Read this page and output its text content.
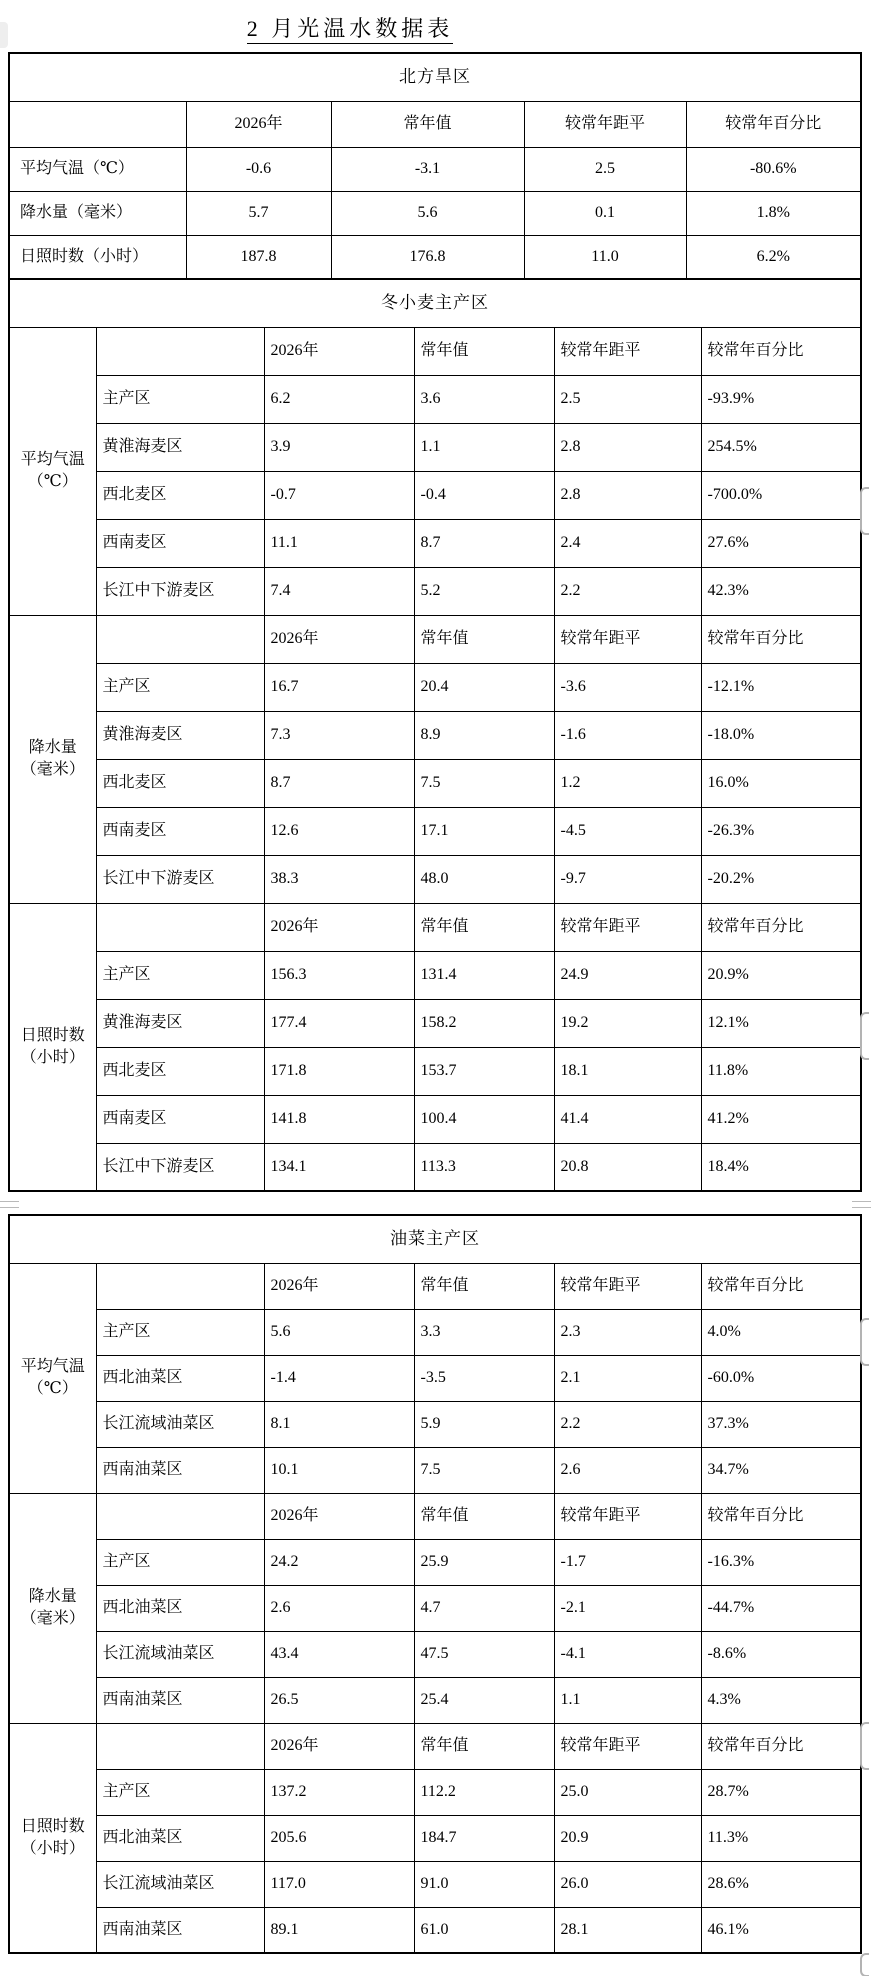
2 月光温水数据表
北方旱区				
	2026年	常年值	较常年距平	较常年百分比
平均气温（℃）	-0.6	-3.1	2.5	-80.6%
降水量（毫米）	5.7	5.6	0.1	1.8%
日照时数（小时）	187.8	176.8	11.0	6.2%
冬小麦主产区					
平均气温（℃）		2026年	常年值	较常年距平	较常年百分比
	主产区	6.2	3.6	2.5	-93.9%
	黄淮海麦区	3.9	1.1	2.8	254.5%
	西北麦区	-0.7	-0.4	2.8	-700.0%
	西南麦区	11.1	8.7	2.4	27.6%
	长江中下游麦区	7.4	5.2	2.2	42.3%
降水量（毫米）		2026年	常年值	较常年距平	较常年百分比
	主产区	16.7	20.4	-3.6	-12.1%
	黄淮海麦区	7.3	8.9	-1.6	-18.0%
	西北麦区	8.7	7.5	1.2	16.0%
	西南麦区	12.6	17.1	-4.5	-26.3%
	长江中下游麦区	38.3	48.0	-9.7	-20.2%
日照时数（小时）		2026年	常年值	较常年距平	较常年百分比
	主产区	156.3	131.4	24.9	20.9%
	黄淮海麦区	177.4	158.2	19.2	12.1%
	西北麦区	171.8	153.7	18.1	11.8%
	西南麦区	141.8	100.4	41.4	41.2%
	长江中下游麦区	134.1	113.3	20.8	18.4%
油菜主产区					
平均气温（℃）		2026年	常年值	较常年距平	较常年百分比
	主产区	5.6	3.3	2.3	4.0%
	西北油菜区	-1.4	-3.5	2.1	-60.0%
	长江流域油菜区	8.1	5.9	2.2	37.3%
	西南油菜区	10.1	7.5	2.6	34.7%
降水量（毫米）		2026年	常年值	较常年距平	较常年百分比
	主产区	24.2	25.9	-1.7	-16.3%
	西北油菜区	2.6	4.7	-2.1	-44.7%
	长江流域油菜区	43.4	47.5	-4.1	-8.6%
	西南油菜区	26.5	25.4	1.1	4.3%
日照时数（小时）		2026年	常年值	较常年距平	较常年百分比
	主产区	137.2	112.2	25.0	28.7%
	西北油菜区	205.6	184.7	20.9	11.3%
	长江流域油菜区	117.0	91.0	26.0	28.6%
	西南油菜区	89.1	61.0	28.1	46.1%
